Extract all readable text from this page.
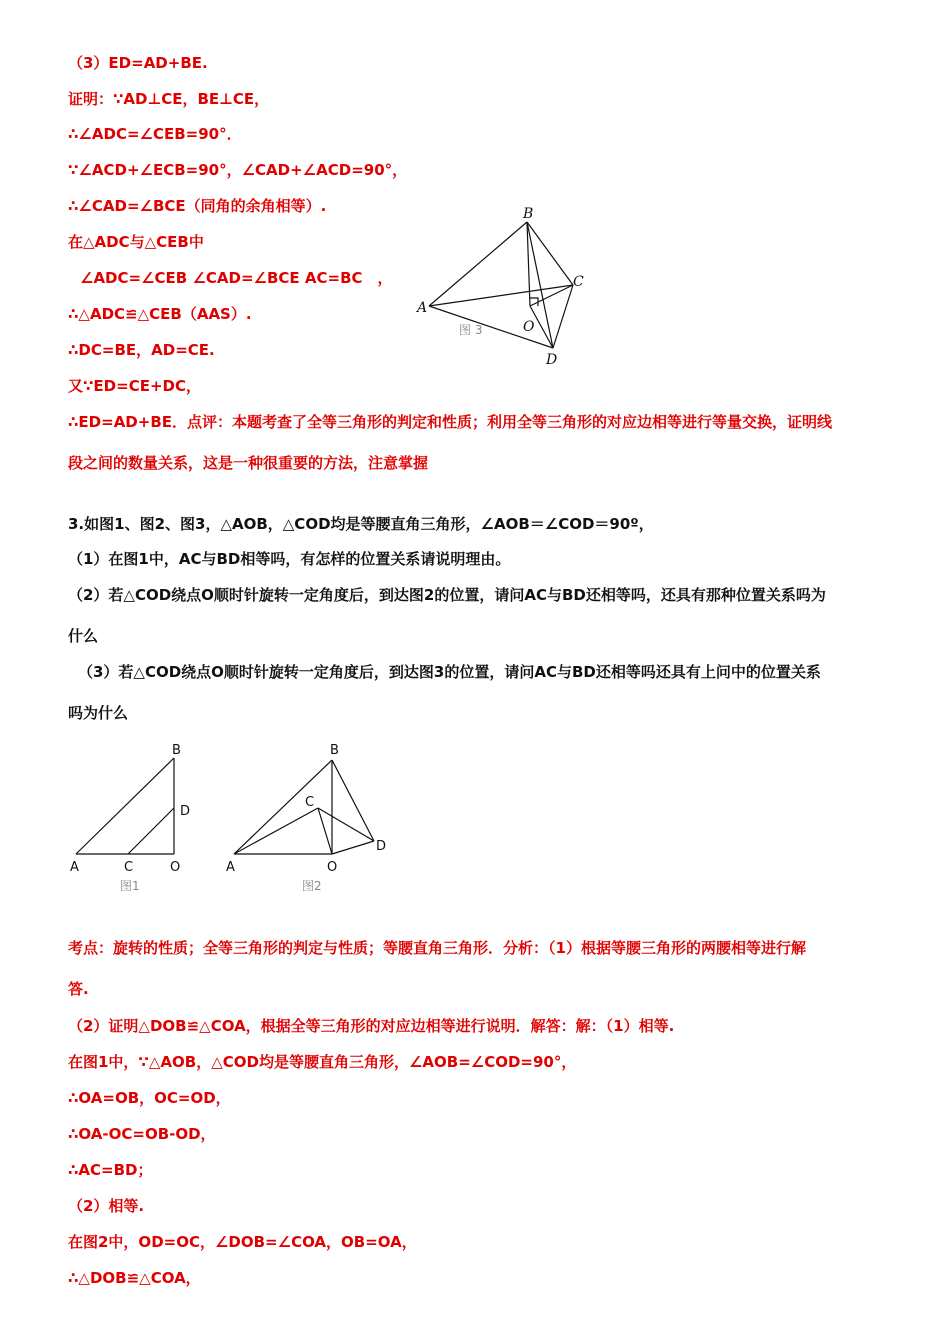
（3）ED=AD+BE.
证明：∵AD⊥CE，BE⊥CE，
∴∠ADC=∠CEB=90°．
∵∠ACD+∠ECB=90°，∠CAD+∠ACD=90°，
∴∠CAD=∠BCE（同角的余角相等）.
在△ADC与△CEB中
∠ADC=∠CEB ∠CAD=∠BCE AC=BC　，
∴△ADC≌△CEB（AAS）.
∴DC=BE，AD=CE.
又∵ED=CE+DC，
∴ED=AD+BE．点评：本题考查了全等三角形的判定和性质；利用全等三角形的对应边相等进行等量交换，证明线
段之间的数量关系，这是一种很重要的方法，注意掌握
A
B
C
D
O
图 3
3.如图1、图2、图3，△AOB，△COD均是等腰直角三角形，∠AOB＝∠COD＝90º，
（1）在图1中，AC与BD相等吗，有怎样的位置关系请说明理由。
（2）若△COD绕点O顺时针旋转一定角度后，到达图2的位置，请问AC与BD还相等吗，还具有那种位置关系吗为
什么
（3）若△COD绕点O顺时针旋转一定角度后，到达图3的位置，请问AC与BD还相等吗还具有上问中的位置关系
吗为什么
B
D
A	C	O
图1
B
C
D
A	O
图2
考点：旋转的性质；全等三角形的判定与性质；等腰直角三角形．分析：（1）根据等腰三角形的两腰相等进行解
答.
（2）证明△DOB≌△COA，根据全等三角形的对应边相等进行说明．解答：解：（1）相等.
在图1中，∵△AOB，△COD均是等腰直角三角形，∠AOB=∠COD=90°，
∴OA=OB，OC=OD，
∴OA-OC=OB-OD，
∴AC=BD；
（2）相等.
在图2中，OD=OC，∠DOB=∠COA，OB=OA，
∴△DOB≌△COA，
